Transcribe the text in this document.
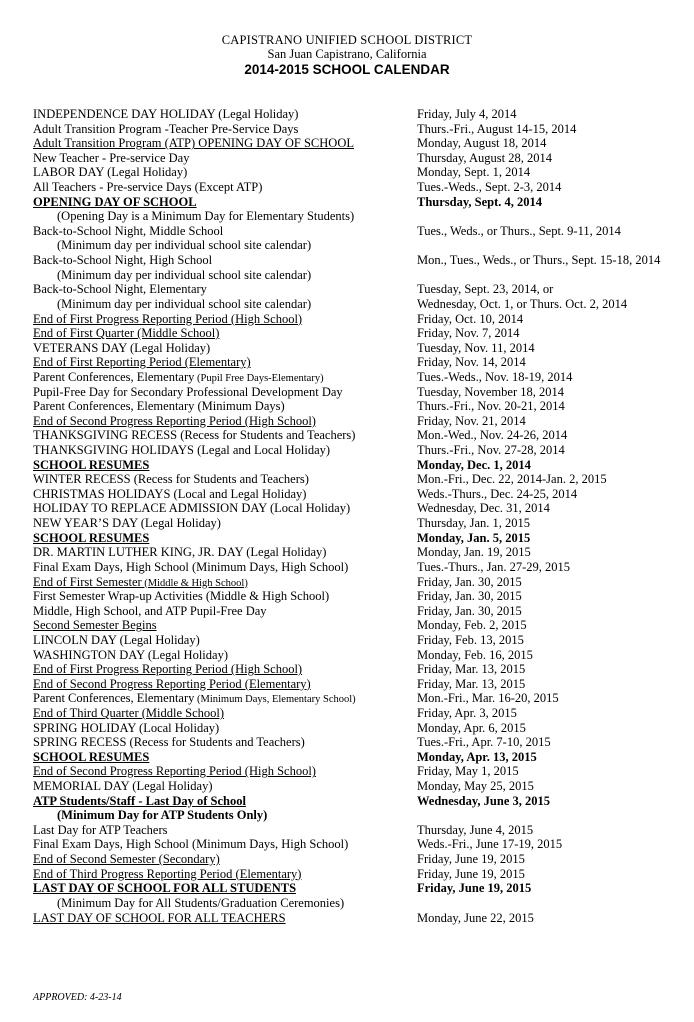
CAPISTRANO UNIFIED SCHOOL DISTRICT
San Juan Capistrano, California
2014-2015 SCHOOL CALENDAR
INDEPENDENCE DAY HOLIDAY (Legal Holiday)	Friday, July 4, 2014
Adult Transition Program -Teacher Pre-Service Days	Thurs.-Fri., August 14-15, 2014
Adult Transition Program (ATP) OPENING DAY OF SCHOOL	Monday, August 18, 2014
New Teacher - Pre-service Day	Thursday, August 28, 2014
LABOR DAY (Legal Holiday)	Monday, Sept. 1, 2014
All Teachers - Pre-service Days (Except ATP)	Tues.-Weds., Sept. 2-3, 2014
OPENING DAY OF SCHOOL	Thursday, Sept. 4, 2014
(Opening Day is a Minimum Day for Elementary Students)
Back-to-School Night, Middle School	Tues., Weds., or Thurs., Sept. 9-11, 2014
(Minimum day per individual school site calendar)
Back-to-School Night, High School	Mon., Tues., Weds., or Thurs., Sept. 15-18, 2014
(Minimum day per individual school site calendar)
Back-to-School Night, Elementary	Tuesday, Sept. 23, 2014, or
(Minimum day per individual school site calendar)	Wednesday, Oct. 1, or Thurs. Oct. 2, 2014
End of First Progress Reporting Period (High School)	Friday, Oct. 10, 2014
End of First Quarter (Middle School)	Friday, Nov. 7, 2014
VETERANS DAY (Legal Holiday)	Tuesday, Nov. 11, 2014
End of First Reporting Period (Elementary)	Friday, Nov. 14, 2014
Parent Conferences, Elementary (Pupil Free Days-Elementary)	Tues.-Weds., Nov. 18-19, 2014
Pupil-Free Day for Secondary Professional Development Day	Tuesday, November 18, 2014
Parent Conferences, Elementary (Minimum Days)	Thurs.-Fri., Nov. 20-21, 2014
End of Second Progress Reporting Period (High School)	Friday, Nov. 21, 2014
THANKSGIVING RECESS (Recess for Students and Teachers)	Mon.-Wed., Nov. 24-26, 2014
THANKSGIVING HOLIDAYS (Legal and Local Holiday)	Thurs.-Fri., Nov. 27-28, 2014
SCHOOL RESUMES	Monday, Dec. 1, 2014
WINTER RECESS (Recess for Students and Teachers)	Mon.-Fri., Dec. 22, 2014-Jan. 2, 2015
CHRISTMAS HOLIDAYS (Local and Legal Holiday)	Weds.-Thurs., Dec. 24-25, 2014
HOLIDAY TO REPLACE ADMISSION DAY (Local Holiday)	Wednesday, Dec. 31, 2014
NEW YEAR’S DAY (Legal Holiday)	Thursday, Jan. 1, 2015
SCHOOL RESUMES	Monday, Jan. 5, 2015
DR. MARTIN LUTHER KING, JR. DAY (Legal Holiday)	Monday, Jan. 19, 2015
Final Exam Days, High School (Minimum Days, High School)	Tues.-Thurs., Jan. 27-29, 2015
End of First Semester (Middle & High School)	Friday, Jan. 30, 2015
First Semester Wrap-up Activities (Middle & High School)	Friday, Jan. 30, 2015
Middle, High School, and ATP Pupil-Free Day	Friday, Jan. 30, 2015
Second Semester Begins	Monday, Feb. 2, 2015
LINCOLN DAY (Legal Holiday)	Friday, Feb. 13, 2015
WASHINGTON DAY (Legal Holiday)	Monday, Feb. 16, 2015
End of First Progress Reporting Period (High School)	Friday, Mar. 13, 2015
End of Second Progress Reporting Period (Elementary)	Friday, Mar. 13, 2015
Parent Conferences, Elementary (Minimum Days, Elementary School)	Mon.-Fri., Mar. 16-20, 2015
End of Third Quarter (Middle School)	Friday, Apr. 3, 2015
SPRING HOLIDAY (Local Holiday)	Monday, Apr. 6, 2015
SPRING RECESS (Recess for Students and Teachers)	Tues.-Fri., Apr. 7-10, 2015
SCHOOL RESUMES	Monday, Apr. 13, 2015
End of Second Progress Reporting Period (High School)	Friday, May 1, 2015
MEMORIAL DAY (Legal Holiday)	Monday, May 25, 2015
ATP Students/Staff - Last Day of School	Wednesday, June 3, 2015
(Minimum Day for ATP Students Only)
Last Day for ATP Teachers	Thursday, June 4, 2015
Final Exam Days, High School (Minimum Days, High School)	Weds.-Fri., June 17-19, 2015
End of Second Semester (Secondary)	Friday, June 19, 2015
End of Third Progress Reporting Period (Elementary)	Friday, June 19, 2015
LAST DAY OF SCHOOL FOR ALL STUDENTS	Friday, June 19, 2015
(Minimum Day for All Students/Graduation Ceremonies)
LAST DAY OF SCHOOL FOR ALL TEACHERS	Monday, June 22, 2015
APPROVED: 4-23-14
